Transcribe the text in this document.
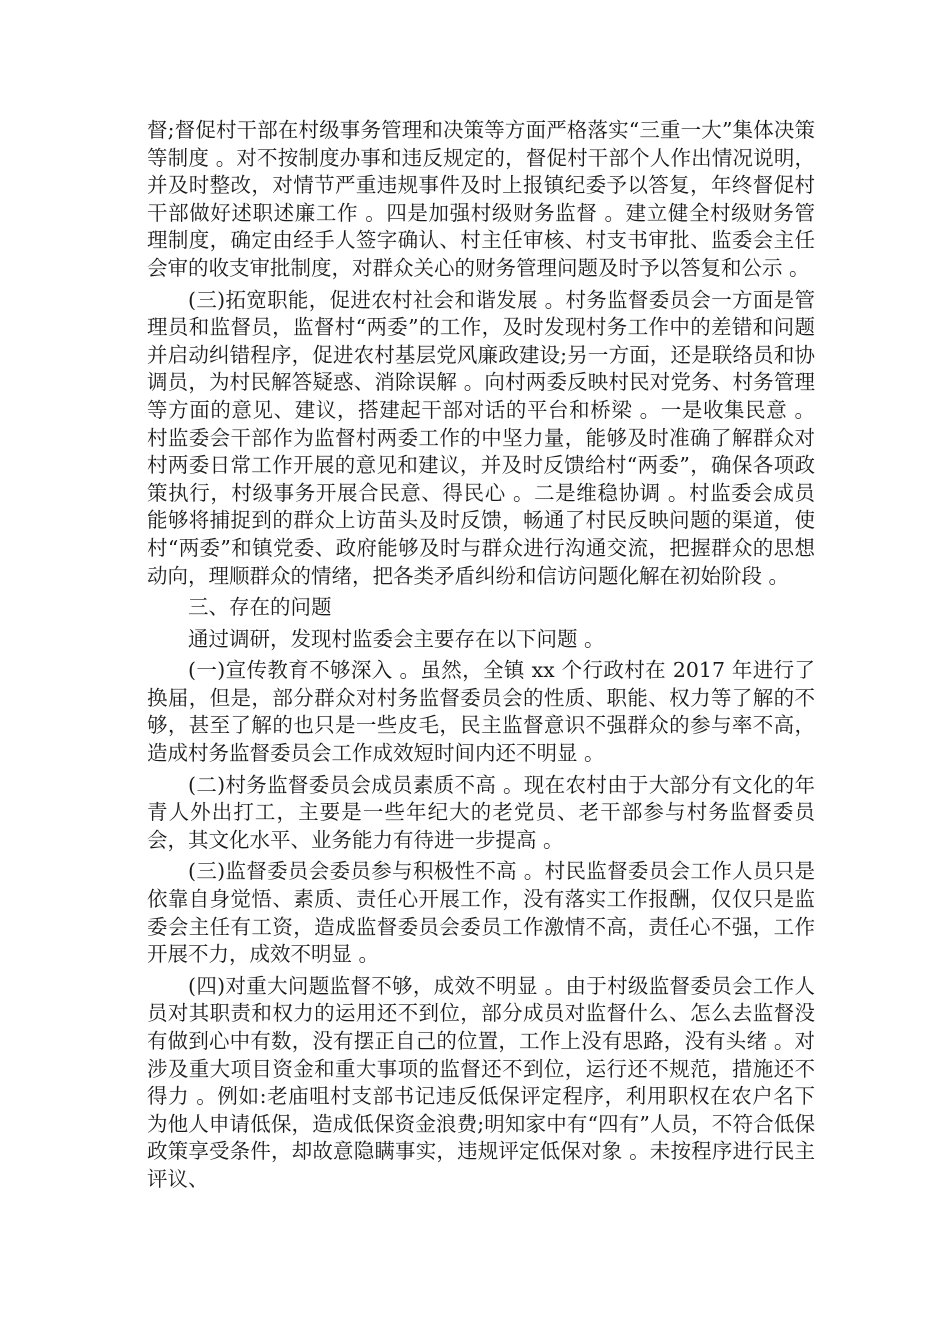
督;督促村干部在村级事务管理和决策等方面严格落实“三重一大”集体决策等制度 。对不按制度办事和违反规定的，督促村干部个人作出情况说明，并及时整改，对情节严重违规事件及时上报镇纪委予以答复，年终督促村干部做好述职述廉工作 。四是加强村级财务监督 。建立健全村级财务管理制度，确定由经手人签字确认、村主任审核、村支书审批、监委会主任会审的收支审批制度，对群众关心的财务管理问题及时予以答复和公示 。

(三)拓宽职能，促进农村社会和谐发展 。村务监督委员会一方面是管理员和监督员，监督村“两委”的工作，及时发现村务工作中的差错和问题并启动纠错程序，促进农村基层党风廉政建设;另一方面，还是联络员和协调员，为村民解答疑惑、消除误解 。向村两委反映村民对党务、村务管理等方面的意见、建议，搭建起干部对话的平台和桥梁 。一是收集民意 。村监委会干部作为监督村两委工作的中坚力量，能够及时准确了解群众对村两委日常工作开展的意见和建议，并及时反馈给村“两委”，确保各项政策执行，村级事务开展合民意、得民心 。二是维稳协调 。村监委会成员能够将捕捉到的群众上访苗头及时反馈，畅通了村民反映问题的渠道，使村“两委”和镇党委、政府能够及时与群众进行沟通交流，把握群众的思想动向，理顺群众的情绪，把各类矛盾纠纷和信访问题化解在初始阶段 。

三、存在的问题

通过调研，发现村监委会主要存在以下问题 。

(一)宣传教育不够深入 。虽然，全镇 xx 个行政村在 2017 年进行了换届，但是，部分群众对村务监督委员会的性质、职能、权力等了解的不够，甚至了解的也只是一些皮毛，民主监督意识不强群众的参与率不高，造成村务监督委员会工作成效短时间内还不明显 。

(二)村务监督委员会成员素质不高 。现在农村由于大部分有文化的年青人外出打工，主要是一些年纪大的老党员、老干部参与村务监督委员会，其文化水平、业务能力有待进一步提高 。

(三)监督委员会委员参与积极性不高 。村民监督委员会工作人员只是依靠自身觉悟、素质、责任心开展工作，没有落实工作报酬，仅仅只是监委会主任有工资，造成监督委员会委员工作激情不高，责任心不强，工作开展不力，成效不明显 。

(四)对重大问题监督不够，成效不明显 。由于村级监督委员会工作人员对其职责和权力的运用还不到位，部分成员对监督什么、怎么去监督没有做到心中有数，没有摆正自己的位置，工作上没有思路，没有头绪 。对涉及重大项目资金和重大事项的监督还不到位，运行还不规范，措施还不得力 。例如:老庙咀村支部书记违反低保评定程序，利用职权在农户名下为他人申请低保，造成低保资金浪费;明知家中有“四有”人员，不符合低保政策享受条件，却故意隐瞒事实，违规评定低保对象 。未按程序进行民主评议、
